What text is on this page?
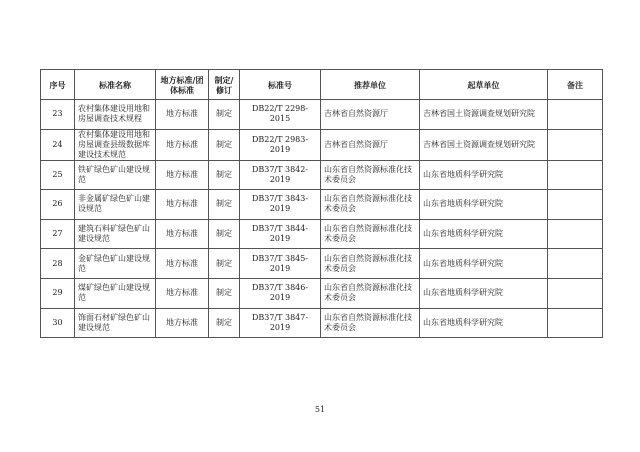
序号	标准名称	地方标准/团体标准	制定/修订	标准号	推荐单位	起草单位	备注
23	农村集体建设用地和房屋调查技术规程	地方标准	制定	DB22/T 2298-2015	吉林省自然资源厅	吉林省国土资源调查规划研究院	
24	农村集体建设用地和房屋调查县级数据库建设技术规范	地方标准	制定	DB22/T 2983-2019	吉林省自然资源厅	吉林省国土资源调查规划研究院	
25	铁矿绿色矿山建设规范	地方标准	制定	DB37/T 3842-2019	山东省自然资源标准化技术委员会	山东省地质科学研究院	
26	非金属矿绿色矿山建设规范	地方标准	制定	DB37/T 3843-2019	山东省自然资源标准化技术委员会	山东省地质科学研究院	
27	建筑石料矿绿色矿山建设规范	地方标准	制定	DB37/T 3844-2019	山东省自然资源标准化技术委员会	山东省地质科学研究院	
28	金矿绿色矿山建设规范	地方标准	制定	DB37/T 3845-2019	山东省自然资源标准化技术委员会	山东省地质科学研究院	
29	煤矿绿色矿山建设规范	地方标准	制定	DB37/T 3846-2019	山东省自然资源标准化技术委员会	山东省地质科学研究院	
30	饰面石材矿绿色矿山建设规范	地方标准	制定	DB37/T 3847-2019	山东省自然资源标准化技术委员会	山东省地质科学研究院	
51
